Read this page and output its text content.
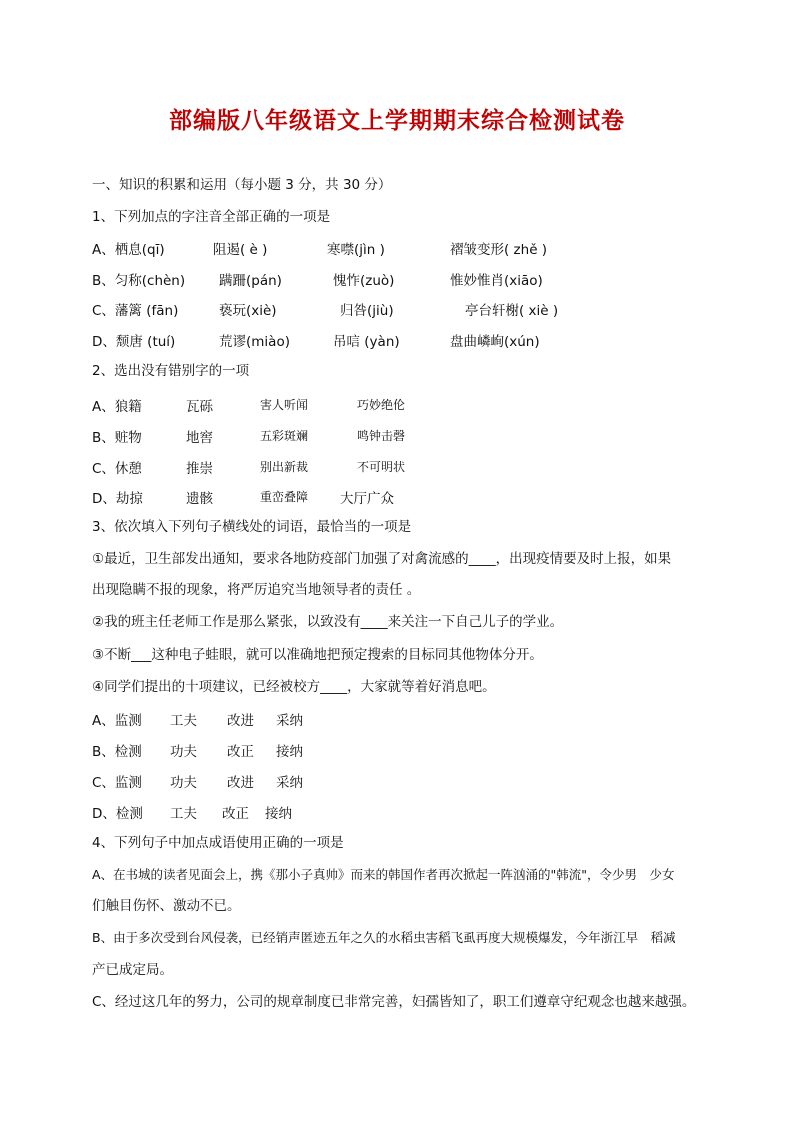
部编版八年级语文上学期期末综合检测试卷
一、知识的积累和运用（每小题 3 分，共 30 分）
1、下列加点的字注音全部正确的一项是
A、栖息(qī)	阻遏( è )	寒噤(jìn )	褶皱变形( zhě )
B、匀称(chèn)	蹒跚(pán)	愧怍(zuò)	惟妙惟肖(xiāo)
C、藩篱 (fān)	亵玩(xiè)	归咎(jiù)	亭台轩榭( xiè )
D、颓唐 (tuí)	荒谬(miào)	吊唁 (yàn)	盘曲嶙峋(xún)
2、选出没有错别字的一项
A、狼籍	瓦砾	害人听闻	巧妙绝伦
B、赃物	地窖	五彩斑斓	鸣钟击磬
C、休憩	推崇	别出新裁	不可明状
D、劫掠	遗骸	重峦叠障 大厅广众
3、依次填入下列句子横线处的词语，最恰当的一项是
①最近，卫生部发出通知，要求各地防疫部门加强了对禽流感的____，出现疫情要及时上报，如果
出现隐瞒不报的现象，将严厉追究当地领导者的责任 。
②我的班主任老师工作是那么紧张，以致没有____来关注一下自己儿子的学业。
③不断___这种电子蛙眼，就可以准确地把预定搜索的目标同其他物体分开。
④同学们提出的十项建议，已经被校方____，大家就等着好消息吧。
A、监测 工夫 改进 采纳
B、检测 功夫 改正 接纳
C、监测 功夫 改进 采纳
D、检测 工夫 改正 接纳
4、下列句子中加点成语使用正确的一项是
A、在书城的读者见面会上，携《那小子真帅》而来的韩国作者再次掀起一阵汹涌的"韩流"，令少男　少女
们触目伤怀、激动不已。
B、由于多次受到台风侵袭，已经销声匿迹五年之久的水稻虫害稻飞虱再度大规模爆发，今年浙江早　稻减
产已成定局。
C、经过这几年的努力，公司的规章制度已非常完善，妇孺皆知了，职工们遵章守纪观念也越来越强。
